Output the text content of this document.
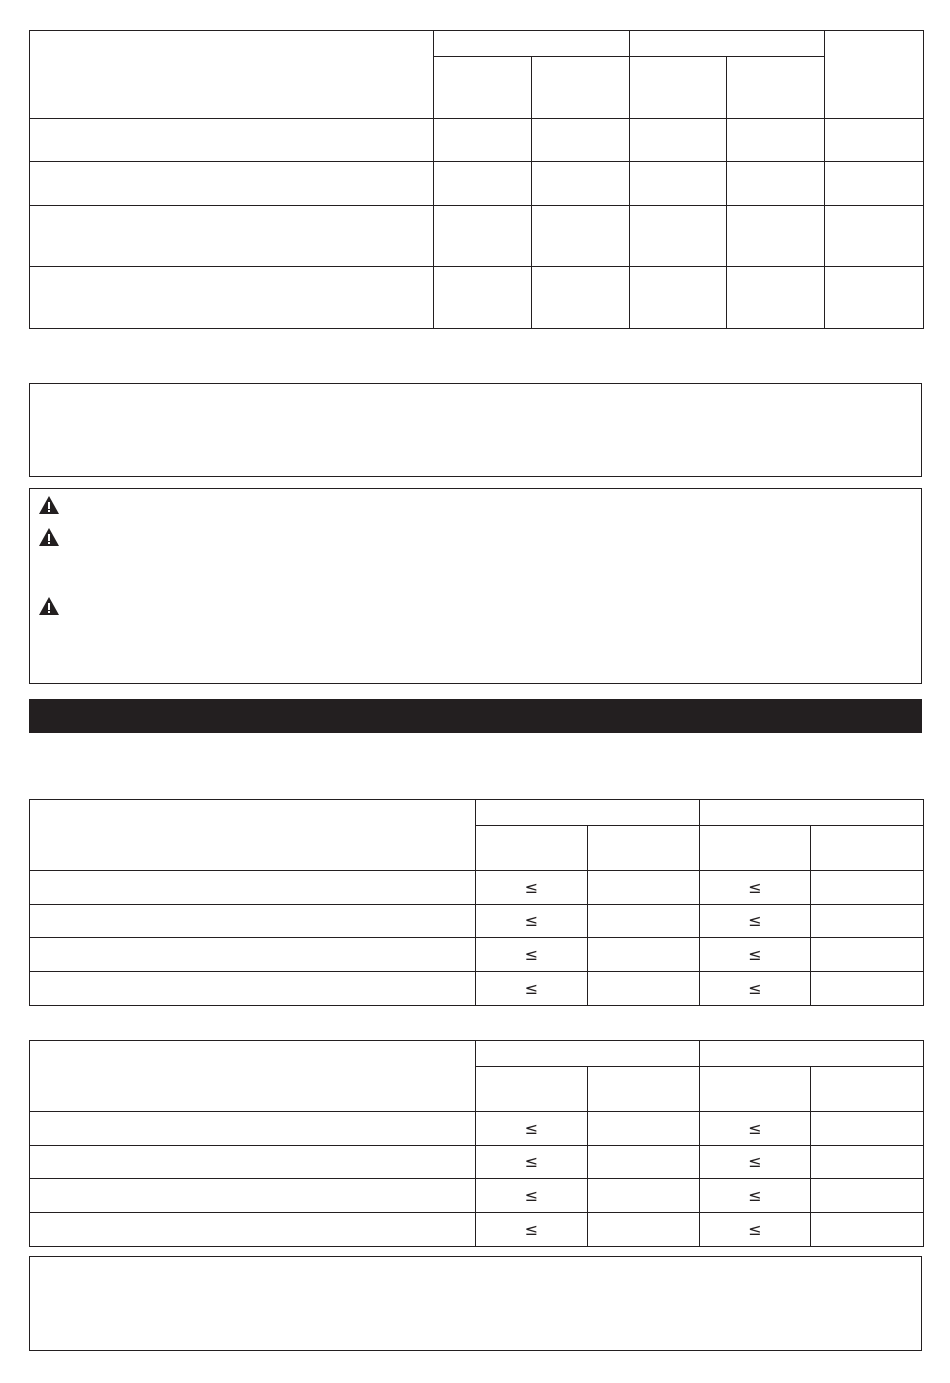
	≤		≤	
	≤		≤	
	≤		≤	
	≤		≤	

	≤		≤	
	≤		≤	
	≤		≤	
	≤		≤	
